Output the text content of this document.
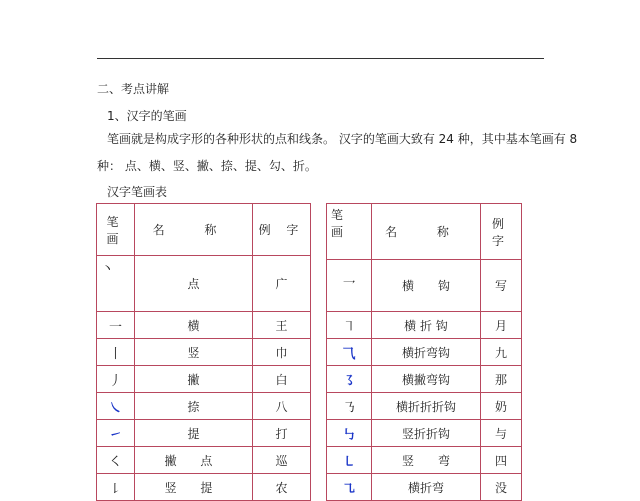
二、考点讲解
1、汉字的笔画
笔画就是构成字形的各种形状的点和线条。 汉字的笔画大致有 24 种，其中基本笔画有 8
种： 点、横、竖、撇、捺、提、勾、折。
汉字笔画表
笔 画	名 称	例 字
丶	点	广
一	横	王
丨	竖	巾
丿	撇	白
㇏	捺	八
㇀	提	打
㇛	撇 点	巡
㇙	竖 提	农
笔 画	名 称	例 字
乛	横　　钩	写
㇕	横 折 钩	月
⺄	横折弯钩	九
㇌	横撇弯钩	那
㇡	横折折折钩	奶
㇉	竖折折钩	与
㇄	竖　　弯	四
㇈	横折弯	没
